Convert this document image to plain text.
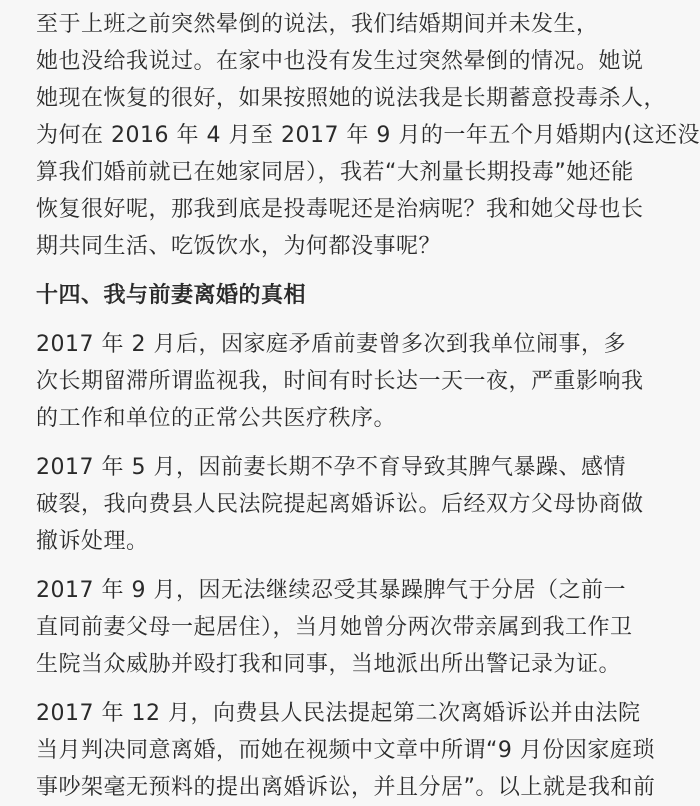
至于上班之前突然晕倒的说法，我们结婚期间并未发生，
她也没给我说过。在家中也没有发生过突然晕倒的情况。她说
她现在恢复的很好，如果按照她的说法我是长期蓄意投毒杀人，
为何在 2016 年 4 月至 2017 年 9 月的一年五个月婚期内(这还没
算我们婚前就已在她家同居），我若“大剂量长期投毒”她还能
恢复很好呢，那我到底是投毒呢还是治病呢？我和她父母也长
期共同生活、吃饭饮水，为何都没事呢？
十四、我与前妻离婚的真相
2017 年 2 月后，因家庭矛盾前妻曾多次到我单位闹事，多
次长期留滞所谓监视我，时间有时长达一天一夜，严重影响我
的工作和单位的正常公共医疗秩序。
2017 年 5 月，因前妻长期不孕不育导致其脾气暴躁、感情
破裂，我向费县人民法院提起离婚诉讼。后经双方父母协商做
撤诉处理。
2017 年 9 月，因无法继续忍受其暴躁脾气于分居（之前一
直同前妻父母一起居住），当月她曾分两次带亲属到我工作卫
生院当众威胁并殴打我和同事，当地派出所出警记录为证。
2017 年 12 月，向费县人民法提起第二次离婚诉讼并由法院
当月判决同意离婚，而她在视频中文章中所谓“9 月份因家庭琐
事吵架毫无预料的提出离婚诉讼，并且分居”。以上就是我和前
